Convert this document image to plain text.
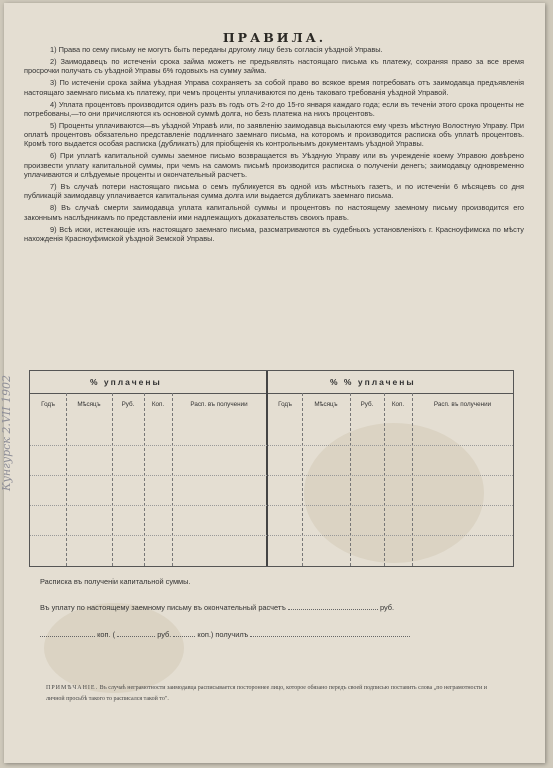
ПРАВИЛА.

1) Права по сему письму не могутъ быть переданы другому лицу безъ согласія уѣздной Управы.

2) Заимодавецъ по истеченіи срока займа можетъ не предъявлять настоящаго письма къ платежу, сохраняя право за все время просрочки получать съ уѣздной Управы 6% годовыхъ на сумму займа.

3) По истеченіи срока займа уѣздная Управа сохраняетъ за собой право во всякое время потребовать отъ заимодавца предъявленія настоящаго заемнаго письма къ платежу, при чемъ проценты уплачиваются по день таковаго требованія уѣздной Управой.

4) Уплата процентовъ производится одинъ разъ въ годъ отъ 2-го до 15-го января каждаго года; если въ теченіи этого срока проценты не потребованы,—то они причисляются къ основной суммѣ долга, но безъ платежа на нихъ процентовъ.

5) Проценты уплачиваются—въ уѣздной Управѣ или, по заявленію заимодавца высылаются ему чрезъ мѣстную Волостную Управу. При оплатѣ процентовъ обязательно представленіе подлиннаго заемнаго письма, на которомъ и производится расписка объ уплатѣ процентовъ. Кромѣ того выдается особая расписка (дубликатъ) для пріобщенія къ контрольнымъ документамъ уѣздной Управы.

6) При уплатѣ капитальной суммы заемное письмо возвращается въ Уѣздную Управу или въ учрежденіе коему Управою довѣрено произвести уплату капитальной суммы, при чемъ на самомъ письмѣ производится расписка о полученіи денегъ; заимодавцу одновременно уплачиваются и слѣдуемые проценты и окончательный расчетъ.

7) Въ случаѣ потери настоящаго письма о семъ публикуется въ одной изъ мѣстныхъ газетъ, и по истеченіи 6 мѣсяцевъ со дня публикацій заимодавцу уплачивается капитальная сумма долга или выдается дубликатъ заемнаго письма.

8) Въ случаѣ смерти заимодавца уплата капитальной суммы и процентовъ по настоящему заемному письму производится его законнымъ наслѣдникамъ по представленіи ими надлежащихъ доказательствъ своихъ правъ.

9) Всѣ иски, истекающіе изъ настоящаго заемнаго письма, разсматриваются въ судебныхъ установленіяхъ г. Красноуфимска по мѣсту нахожденія Красноуфимской уѣздной Земской Управы.

% уплачены	% % уплачены
Годъ	Мѣсяцъ	Руб.	Коп.	Расп. въ получении	Годъ	Мѣсяцъ	Руб.	Коп.	Расп. въ получении
Расписка въ полученіи капитальной суммы.
Въ уплату по настоящему заемному письму въ окончательный расчетъ	руб.
коп. (	руб.	коп.) получилъ
ПРИМѢЧАНІЕ. Въ случаѣ неграмотности заимодавца расписывается постороннее лицо, которое обязано передъ своей подписью поставить слова „по неграмотности и личной просьбѣ такого то расписался такой то".
Кунгурск 2.VII 1902
